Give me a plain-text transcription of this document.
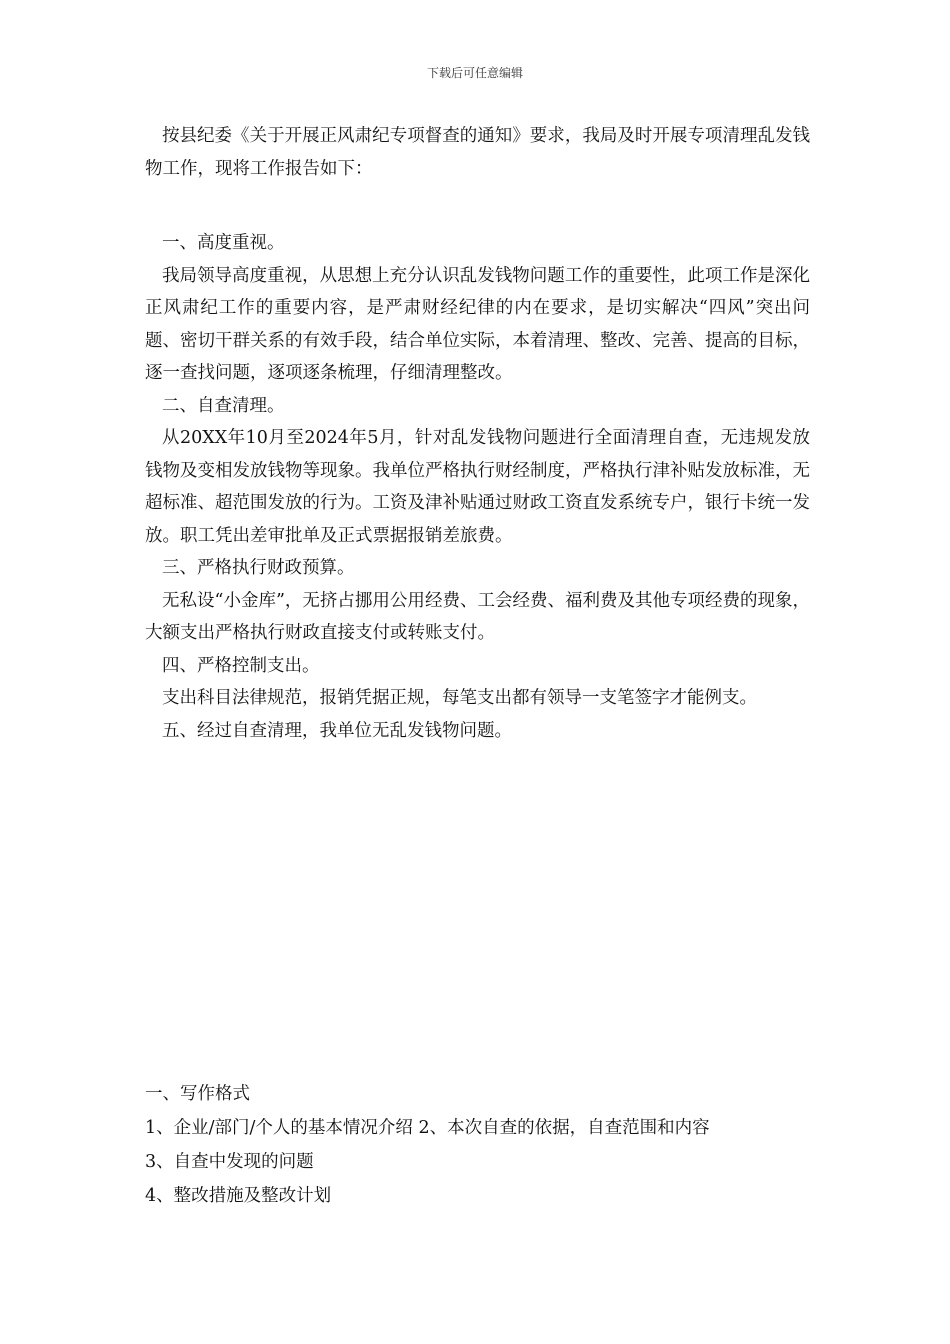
下载后可任意编辑

按县纪委《关于开展正风肃纪专项督查的通知》要求，我局及时开展专项清理乱发钱物工作，现将工作报告如下：

一、高度重视。

我局领导高度重视，从思想上充分认识乱发钱物问题工作的重要性，此项工作是深化正风肃纪工作的重要内容，是严肃财经纪律的内在要求，是切实解决“四风”突出问题、密切干群关系的有效手段，结合单位实际，本着清理、整改、完善、提高的目标，逐一查找问题，逐项逐条梳理，仔细清理整改。

二、自查清理。

从20XX年10月至2024年5月，针对乱发钱物问题进行全面清理自查，无违规发放钱物及变相发放钱物等现象。我单位严格执行财经制度，严格执行津补贴发放标准，无超标准、超范围发放的行为。工资及津补贴通过财政工资直发系统专户，银行卡统一发放。职工凭出差审批单及正式票据报销差旅费。

三、严格执行财政预算。

无私设“小金库”，无挤占挪用公用经费、工会经费、福利费及其他专项经费的现象，大额支出严格执行财政直接支付或转账支付。

四、严格控制支出。

支出科目法律规范，报销凭据正规，每笔支出都有领导一支笔签字才能例支。

五、经过自查清理，我单位无乱发钱物问题。

一、写作格式

1、企业/部门/个人的基本情况介绍 2、本次自查的依据，自查范围和内容

3、自查中发现的问题

4、整改措施及整改计划
